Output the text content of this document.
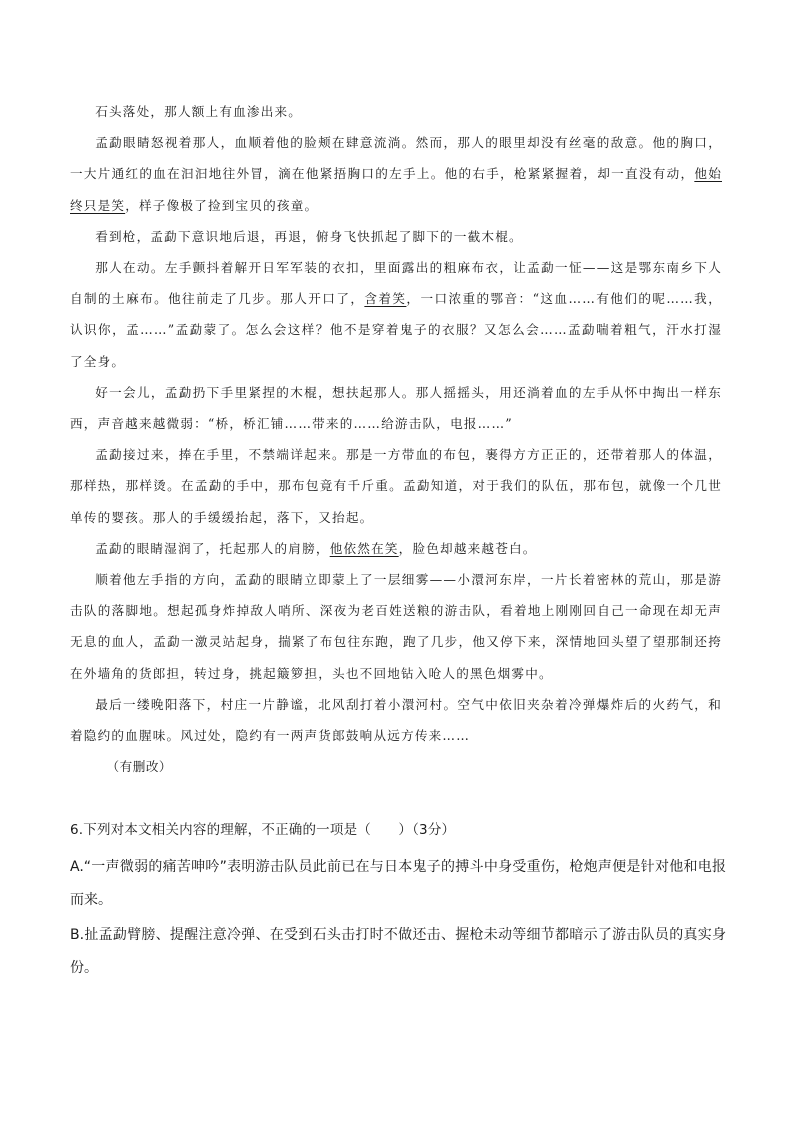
石头落处，那人额上有血渗出来。

孟勐眼睛怒视着那人，血顺着他的脸颊在肆意流淌。然而，那人的眼里却没有丝毫的敌意。他的胸口，一大片通红的血在汩汩地往外冒，滴在他紧捂胸口的左手上。他的右手，枪紧紧握着，却一直没有动，他始终只是笑，样子像极了捡到宝贝的孩童。

看到枪，孟勐下意识地后退，再退，俯身飞快抓起了脚下的一截木棍。

那人在动。左手颤抖着解开日军军装的衣扣，里面露出的粗麻布衣，让孟勐一怔——这是鄂东南乡下人自制的土麻布。他往前走了几步。那人开口了，含着笑，一口浓重的鄂音：“这血……有他们的呢……我，认识你，孟……”孟勐蒙了。怎么会这样？他不是穿着鬼子的衣服？又怎么会……孟勐喘着粗气，汗水打湿了全身。

好一会儿，孟勐扔下手里紧捏的木棍，想扶起那人。那人摇摇头，用还淌着血的左手从怀中掏出一样东西，声音越来越微弱：“桥，桥汇铺……带来的……给游击队，电报……”

孟勐接过来，捧在手里，不禁端详起来。那是一方带血的布包，裹得方方正正的，还带着那人的体温，那样热，那样烫。在孟勐的手中，那布包竟有千斤重。孟勐知道，对于我们的队伍，那布包，就像一个几世单传的婴孩。那人的手缓缓抬起，落下，又抬起。

孟勐的眼睛湿润了，托起那人的肩膀，他依然在笑，脸色却越来越苍白。

顺着他左手指的方向，孟勐的眼睛立即蒙上了一层细雾——小澴河东岸，一片长着密林的荒山，那是游击队的落脚地。想起孤身炸掉敌人哨所、深夜为老百姓送粮的游击队，看着地上刚刚回自己一命现在却无声无息的血人，孟勐一激灵站起身，揣紧了布包往东跑，跑了几步，他又停下来，深情地回头望了望那制还挎在外墙角的货郎担，转过身，挑起簸箩担，头也不回地钻入呛人的黑色烟雾中。

最后一缕晚阳落下，村庄一片静谧，北风刮打着小澴河村。空气中依旧夹杂着冷弹爆炸后的火药气，和着隐约的血腥味。风过处，隐约有一两声货郎鼓响从远方传来……

（有删改）

6.下列对本文相关内容的理解，不正确的一项是（　　）（3分）

A.“一声微弱的痛苦呻吟”表明游击队员此前已在与日本鬼子的搏斗中身受重伤，枪炮声便是针对他和电报而来。

B.扯孟勐臂膀、提醒注意冷弹、在受到石头击打时不做还击、握枪未动等细节都暗示了游击队员的真实身份。
